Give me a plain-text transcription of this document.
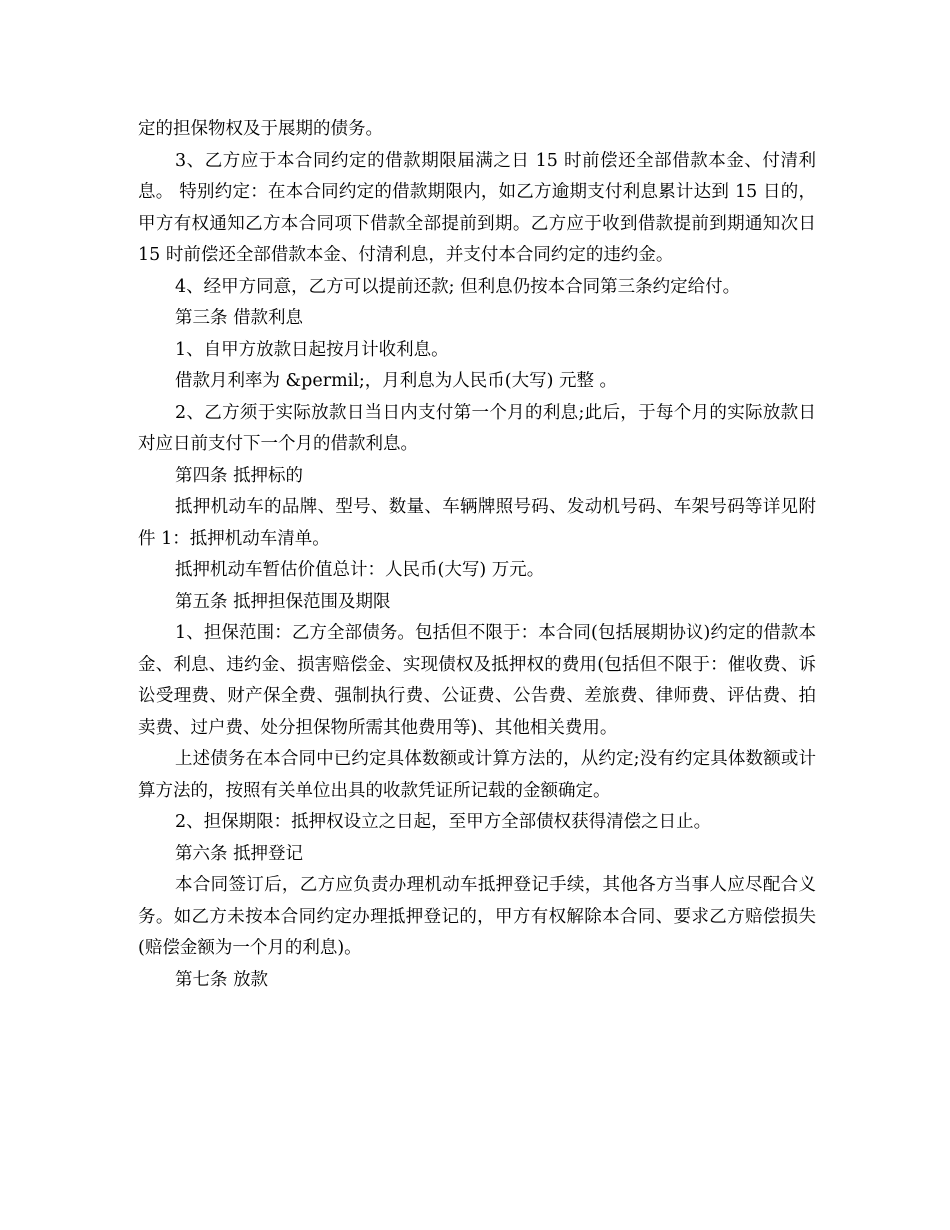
定的担保物权及于展期的债务。

3、乙方应于本合同约定的借款期限届满之日 15 时前偿还全部借款本金、付清利息。 特别约定：在本合同约定的借款期限内，如乙方逾期支付利息累计达到 15 日的，甲方有权通知乙方本合同项下借款全部提前到期。乙方应于收到借款提前到期通知次日 15 时前偿还全部借款本金、付清利息，并支付本合同约定的违约金。

4、经甲方同意，乙方可以提前还款; 但利息仍按本合同第三条约定给付。

第三条 借款利息

1、自甲方放款日起按月计收利息。

借款月利率为 &permil;，月利息为人民币(大写) 元整 。

2、乙方须于实际放款日当日内支付第一个月的利息;此后，于每个月的实际放款日对应日前支付下一个月的借款利息。

第四条 抵押标的

抵押机动车的品牌、型号、数量、车辆牌照号码、发动机号码、车架号码等详见附件 1：抵押机动车清单。

抵押机动车暂估价值总计：人民币(大写) 万元。

第五条 抵押担保范围及期限

1、担保范围：乙方全部债务。包括但不限于：本合同(包括展期协议)约定的借款本金、利息、违约金、损害赔偿金、实现债权及抵押权的费用(包括但不限于：催收费、诉讼受理费、财产保全费、强制执行费、公证费、公告费、差旅费、律师费、评估费、拍卖费、过户费、处分担保物所需其他费用等)、其他相关费用。

上述债务在本合同中已约定具体数额或计算方法的，从约定;没有约定具体数额或计算方法的，按照有关单位出具的收款凭证所记载的金额确定。

2、担保期限：抵押权设立之日起，至甲方全部债权获得清偿之日止。

第六条 抵押登记

本合同签订后，乙方应负责办理机动车抵押登记手续，其他各方当事人应尽配合义务。如乙方未按本合同约定办理抵押登记的，甲方有权解除本合同、要求乙方赔偿损失(赔偿金额为一个月的利息)。

第七条 放款
